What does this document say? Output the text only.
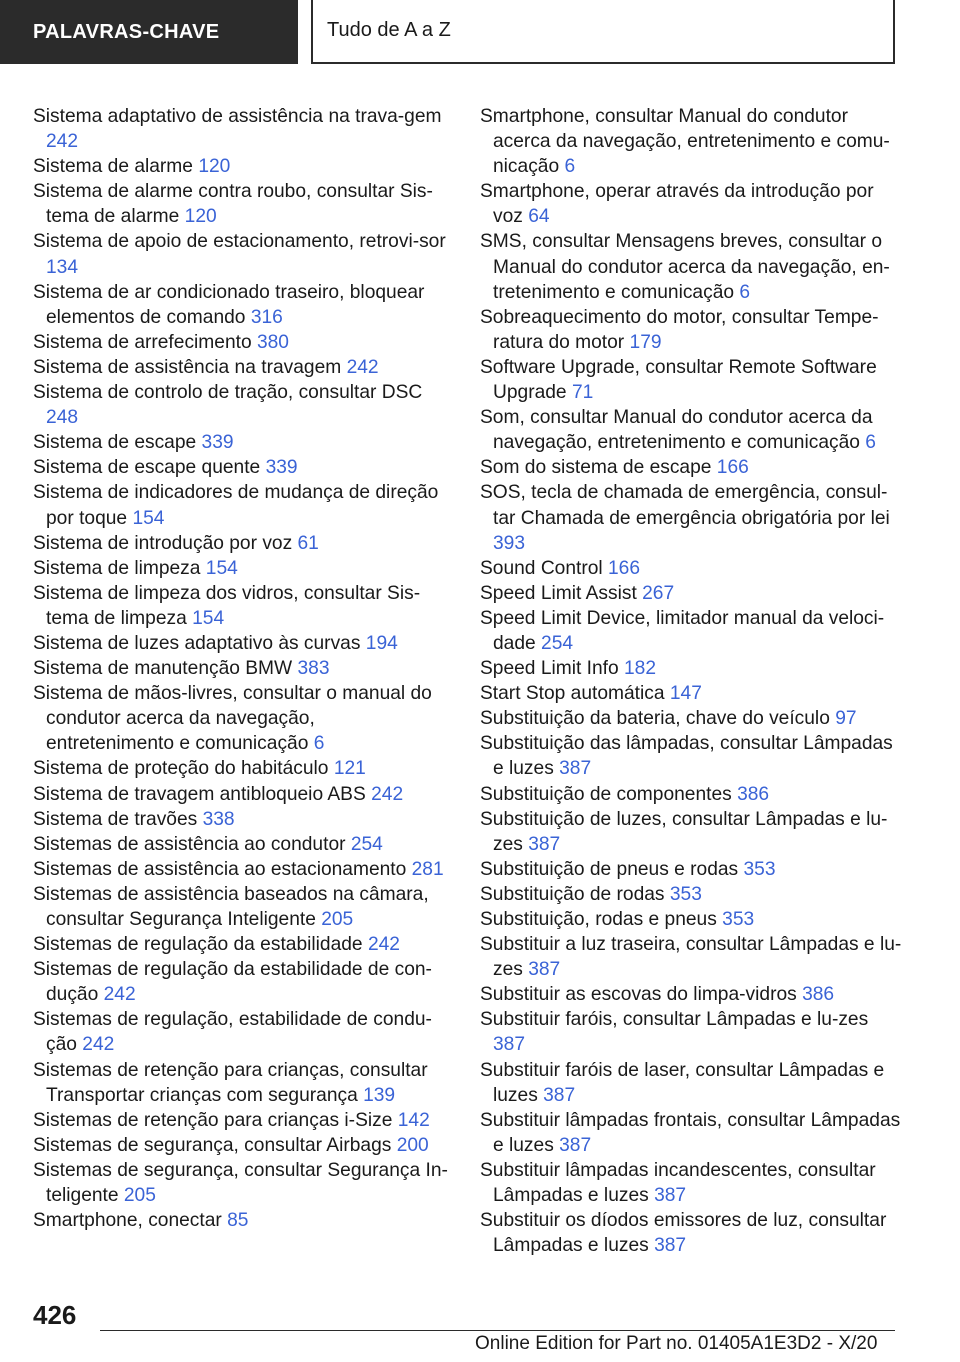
PALAVRAS-CHAVE	Tudo de A a Z
Sistema adaptativo de assistência na trava-gem 242
Sistema de alarme 120
Sistema de alarme contra roubo, consultar Sis-tema de alarme 120
Sistema de apoio de estacionamento, retrovi-sor 134
Sistema de ar condicionado traseiro, bloquear elementos de comando 316
Sistema de arrefecimento 380
Sistema de assistência na travagem 242
Sistema de controlo de tração, consultar DSC 248
Sistema de escape 339
Sistema de escape quente 339
Sistema de indicadores de mudança de direção por toque 154
Sistema de introdução por voz 61
Sistema de limpeza 154
Sistema de limpeza dos vidros, consultar Sis-tema de limpeza 154
Sistema de luzes adaptativo às curvas 194
Sistema de manutenção BMW 383
Sistema de mãos-livres, consultar o manual do condutor acerca da navegação, entretenimento e comunicação 6
Sistema de proteção do habitáculo 121
Sistema de travagem antibloqueio ABS 242
Sistema de travões 338
Sistemas de assistência ao condutor 254
Sistemas de assistência ao estacionamento 281
Sistemas de assistência baseados na câmara, consultar Segurança Inteligente 205
Sistemas de regulação da estabilidade 242
Sistemas de regulação da estabilidade de con-dução 242
Sistemas de regulação, estabilidade de condu-ção 242
Sistemas de retenção para crianças, consultar Transportar crianças com segurança 139
Sistemas de retenção para crianças i-Size 142
Sistemas de segurança, consultar Airbags 200
Sistemas de segurança, consultar Segurança In-teligente 205
Smartphone, conectar 85
Smartphone, consultar Manual do condutor acerca da navegação, entretenimento e comu-nicação 6
Smartphone, operar através da introdução por voz 64
SMS, consultar Mensagens breves, consultar o Manual do condutor acerca da navegação, en-tretenimento e comunicação 6
Sobreaquecimento do motor, consultar Tempe-ratura do motor 179
Software Upgrade, consultar Remote Software Upgrade 71
Som, consultar Manual do condutor acerca da navegação, entretenimento e comunicação 6
Som do sistema de escape 166
SOS, tecla de chamada de emergência, consul-tar Chamada de emergência obrigatória por lei 393
Sound Control 166
Speed Limit Assist 267
Speed Limit Device, limitador manual da veloci-dade 254
Speed Limit Info 182
Start Stop automática 147
Substituição da bateria, chave do veículo 97
Substituição das lâmpadas, consultar Lâmpadas e luzes 387
Substituição de componentes 386
Substituição de luzes, consultar Lâmpadas e lu-zes 387
Substituição de pneus e rodas 353
Substituição de rodas 353
Substituição, rodas e pneus 353
Substituir a luz traseira, consultar Lâmpadas e lu-zes 387
Substituir as escovas do limpa-vidros 386
Substituir faróis, consultar Lâmpadas e lu-zes 387
Substituir faróis de laser, consultar Lâmpadas e luzes 387
Substituir lâmpadas frontais, consultar Lâmpadas e luzes 387
Substituir lâmpadas incandescentes, consultar Lâmpadas e luzes 387
Substituir os díodos emissores de luz, consultar Lâmpadas e luzes 387
426
Online Edition for Part no. 01405A1E3D2 - X/20
